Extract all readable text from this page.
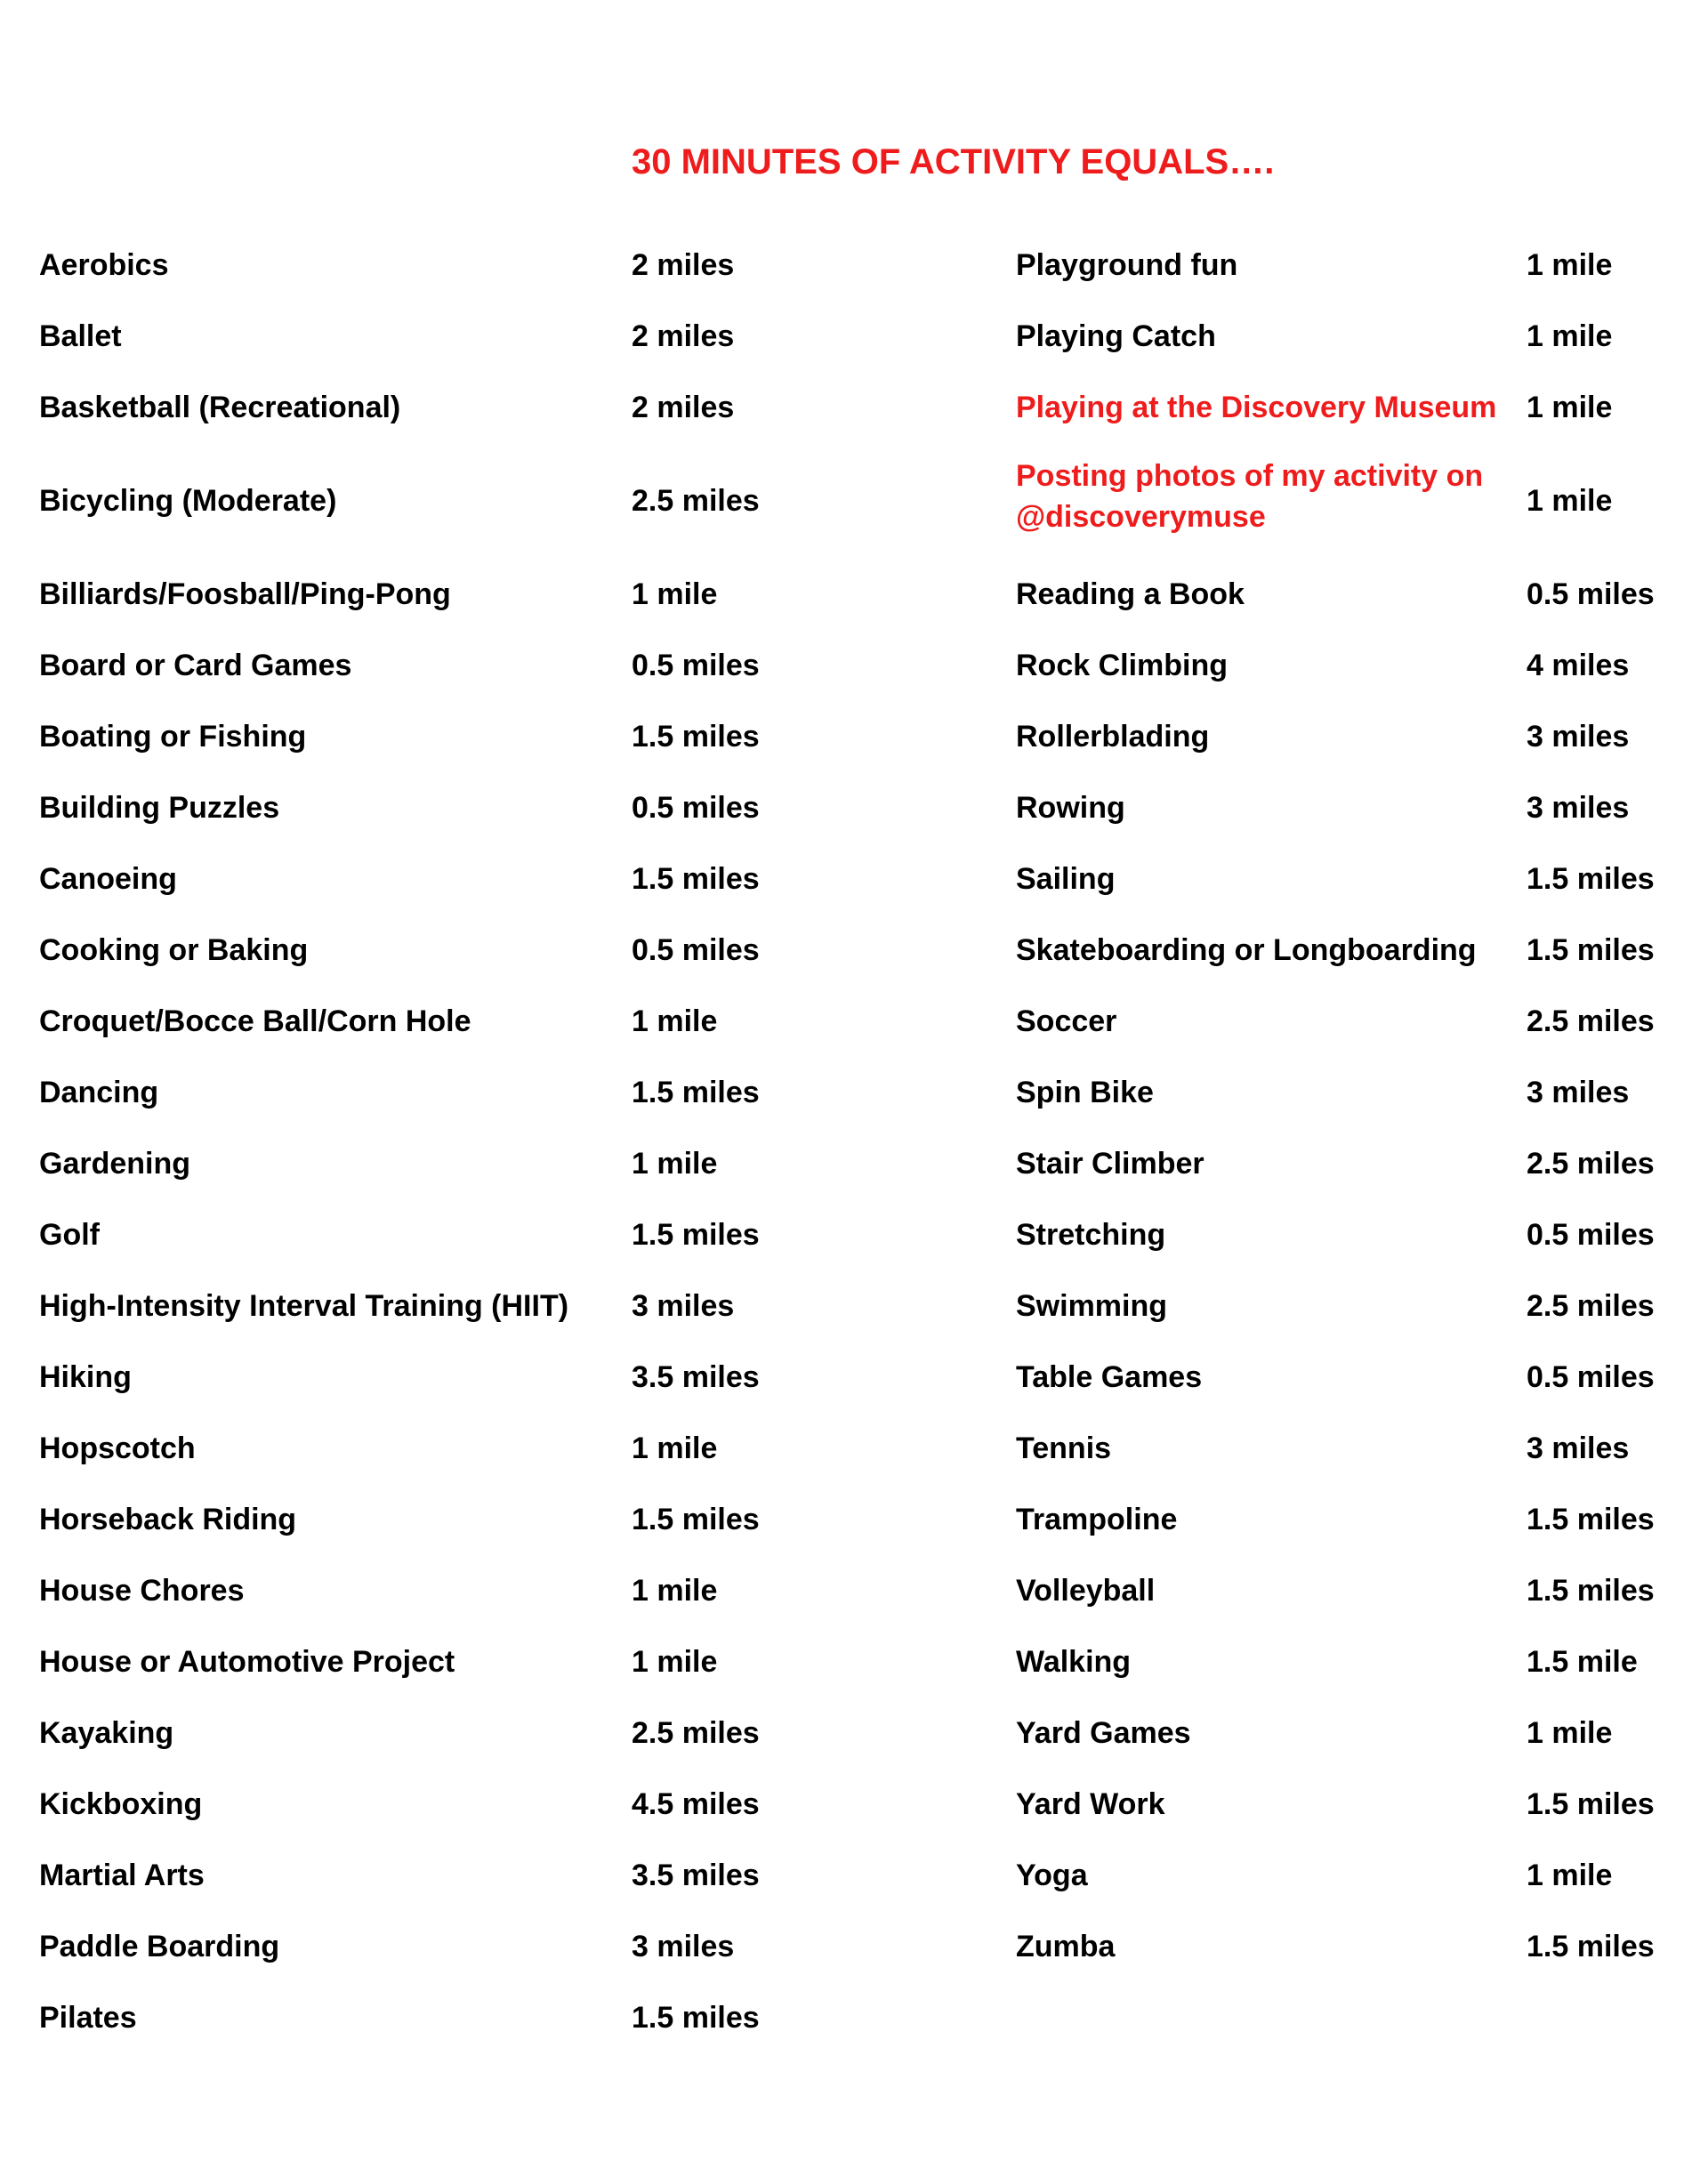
30 MINUTES OF ACTIVITY EQUALS….
Aerobics	2 miles
Ballet	2 miles
Basketball (Recreational)	2 miles
Bicycling (Moderate)	2.5 miles
Billiards/Foosball/Ping-Pong	1 mile
Board or Card Games	0.5 miles
Boating or Fishing	1.5 miles
Building Puzzles	0.5 miles
Canoeing	1.5 miles
Cooking or Baking	0.5 miles
Croquet/Bocce Ball/Corn Hole	1 mile
Dancing	1.5 miles
Gardening	1 mile
Golf	1.5 miles
High-Intensity Interval Training (HIIT) 3 miles
Hiking	3.5 miles
Hopscotch	1 mile
Horseback Riding	1.5 miles
House Chores	1 mile
House or Automotive Project	1 mile
Kayaking	2.5 miles
Kickboxing	4.5 miles
Martial Arts	3.5 miles
Paddle Boarding	3 miles
Pilates	1.5 miles
Playground fun	1 mile
Playing Catch	1 mile
Playing at the Discovery Museum 1 mile
Posting photos of my activity on @discoverymuse	1 mile
Reading a Book	0.5 miles
Rock Climbing	4 miles
Rollerblading	3 miles
Rowing	3 miles
Sailing	1.5 miles
Skateboarding or Longboarding 1.5 miles
Soccer	2.5 miles
Spin Bike	3 miles
Stair Climber	2.5 miles
Stretching	0.5 miles
Swimming	2.5 miles
Table Games	0.5 miles
Tennis	3 miles
Trampoline	1.5 miles
Volleyball	1.5 miles
Walking	1.5 mile
Yard Games	1 mile
Yard Work	1.5 miles
Yoga	1 mile
Zumba	1.5 miles
